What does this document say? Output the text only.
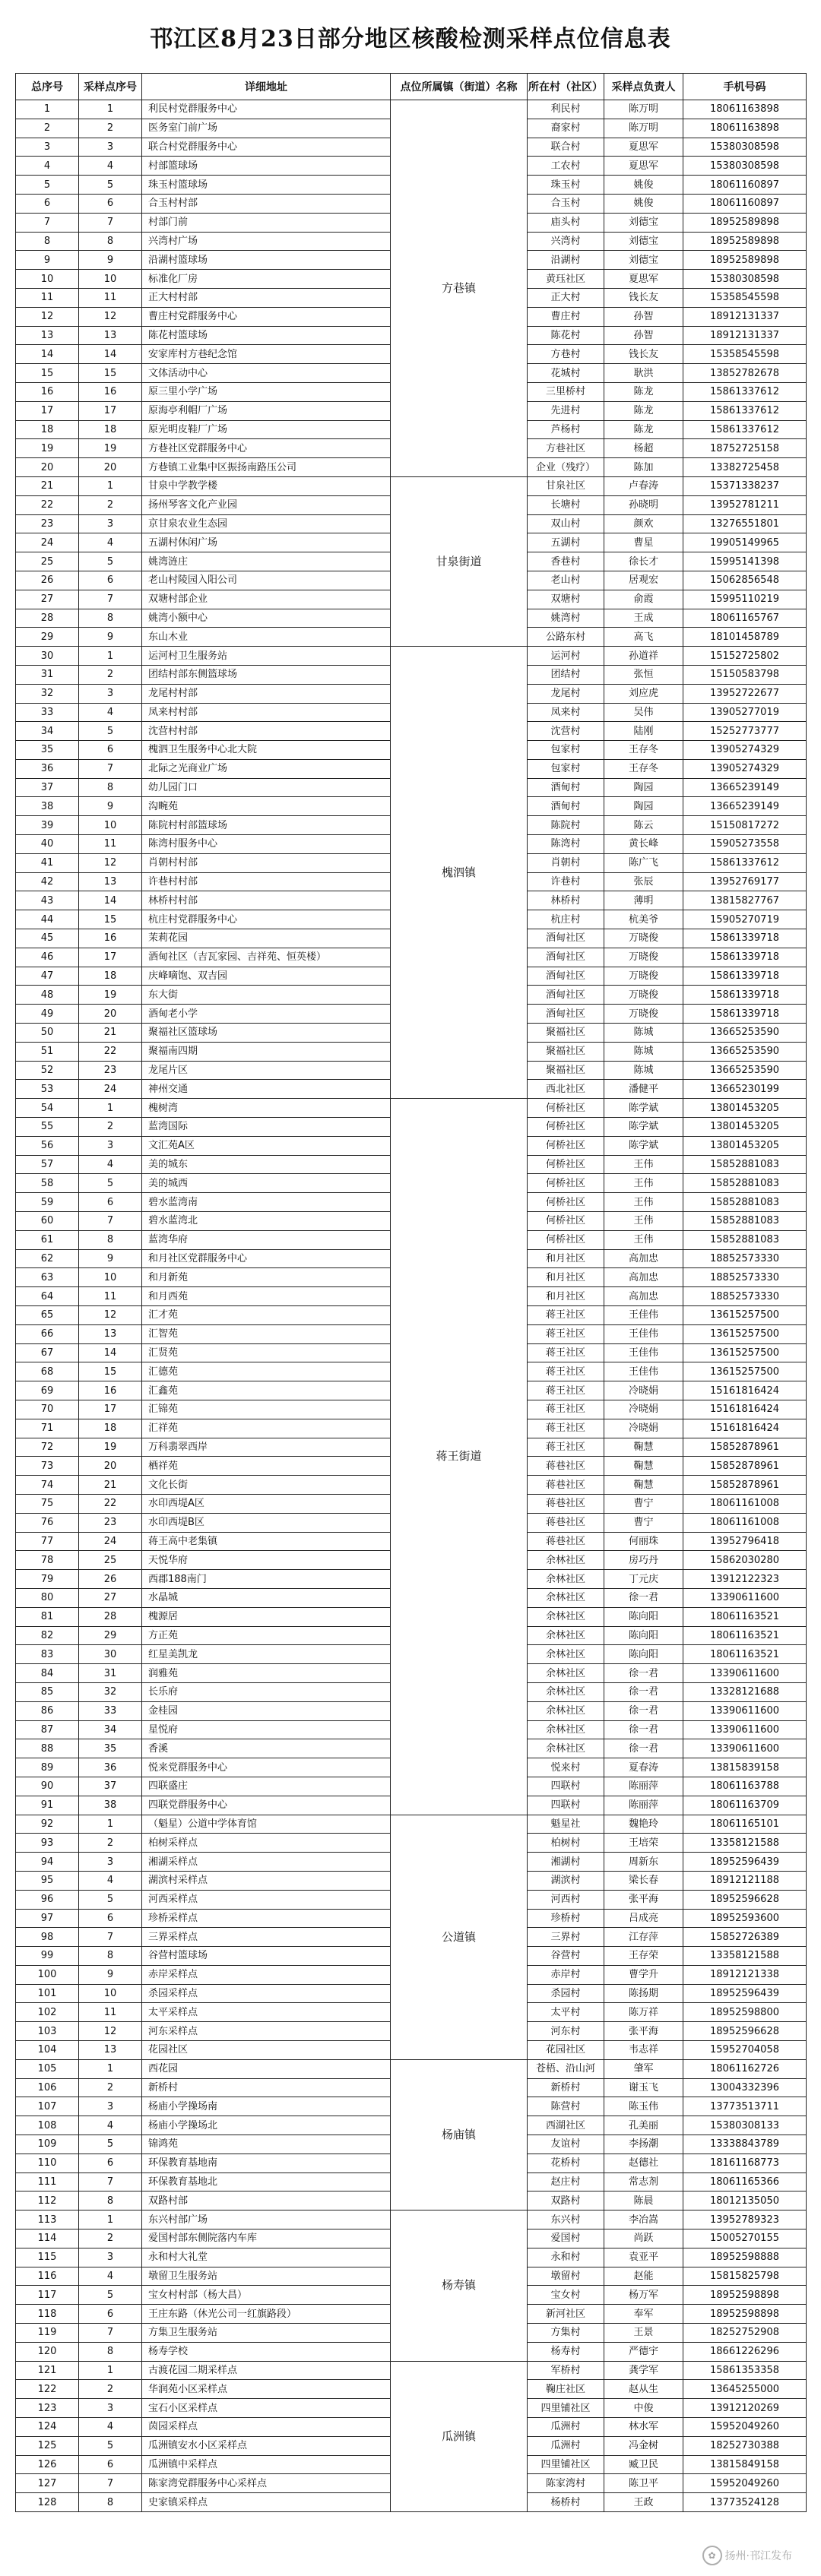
邗江区8月23日部分地区核酸检测采样点位信息表
总序号	采样点序号	详细地址	点位所属镇（街道）名称	所在村（社区）	采样点负责人	手机号码
1	1	利民村党群服务中心	方巷镇	利民村	陈万明	18061163898
2	2	医务室门前广场		裔家村	陈万明	18061163898
3	3	联合村党群服务中心		联合村	夏思军	15380308598
4	4	村部篮球场		工农村	夏思军	15380308598
5	5	珠玉村篮球场		珠玉村	姚俊	18061160897
6	6	合玉村村部		合玉村	姚俊	18061160897
7	7	村部门前		庙头村	刘德宝	18952589898
8	8	兴湾村广场		兴湾村	刘德宝	18952589898
9	9	沿湖村篮球场		沿湖村	刘德宝	18952589898
10	10	标准化厂房		黄珏社区	夏思军	15380308598
11	11	正大村村部		正大村	钱长友	15358545598
12	12	曹庄村党群服务中心		曹庄村	孙智	18912131337
13	13	陈花村篮球场		陈花村	孙智	18912131337
14	14	安家库村方巷纪念馆		方巷村	钱长友	15358545598
15	15	文体活动中心		花城村	耿洪	13852782678
16	16	原三里小学广场		三里桥村	陈龙	15861337612
17	17	原海亭利帽厂广场		先进村	陈龙	15861337612
18	18	原光明皮鞋厂广场		芦杨村	陈龙	15861337612
19	19	方巷社区党群服务中心		方巷社区	杨超	18752725158
20	20	方巷镇工业集中区振扬南路压公司		企业（残疗）	陈加	13382725458
21	1	甘泉中学教学楼	甘泉街道	甘泉社区	卢春涛	15371338237
22	2	扬州琴客文化产业园		长塘村	孙晓明	13952781211
23	3	京甘泉农业生态园		双山村	颜欢	13276551801
24	4	五湖村休闲广场		五湖村	曹星	19905149965
25	5	姚湾涟庄		香巷村	徐长才	15995141398
26	6	老山村陵园入阳公司		老山村	居观宏	15062856548
27	7	双塘村部企业		双塘村	俞霞	15995110219
28	8	姚湾小额中心		姚湾村	王成	18061165767
29	9	东山木业		公路东村	高飞	18101458789
30	1	运河村卫生服务站	槐泗镇	运河村	孙道祥	15152725802
31	2	团结村部东侧篮球场		团结村	张恒	15150583798
32	3	龙尾村村部		龙尾村	刘应虎	13952722677
33	4	凤来村村部		凤来村	吴伟	13905277019
34	5	沈营村村部		沈营村	陆刚	15252773777
35	6	槐泗卫生服务中心北大院		包家村	王存冬	13905274329
36	7	北际之光商业广场		包家村	王存冬	13905274329
37	8	幼儿园门口		酒甸村	陶园	13665239149
38	9	沟畹苑		酒甸村	陶园	13665239149
39	10	陈院村村部篮球场		陈院村	陈云	15150817272
40	11	陈湾村服务中心		陈湾村	黄长峰	15905273558
41	12	肖朝村村部		肖朝村	陈广飞	15861337612
42	13	许巷村村部		许巷村	张辰	13952769177
43	14	林桥村村部		林桥村	薄明	13815827767
44	15	杭庄村党群服务中心		杭庄村	杭美爷	15905270719
45	16	茉莉花园		酒甸社区	万晓俊	15861339718
46	17	酒甸社区（吉瓦家园、吉祥苑、恒英楼）		酒甸社区	万晓俊	15861339718
47	18	庆峰嘀饱、双吉园		酒甸社区	万晓俊	15861339718
48	19	东大街		酒甸社区	万晓俊	15861339718
49	20	酒甸老小学		酒甸社区	万晓俊	15861339718
50	21	聚福社区篮球场		聚福社区	陈城	13665253590
51	22	聚福南四期		聚福社区	陈城	13665253590
52	23	龙尾片区		聚福社区	陈城	13665253590
53	24	神州交通		西北社区	潘健平	13665230199
54	1	槐树湾	蒋王街道	何桥社区	陈学斌	13801453205
55	2	蓝湾国际		何桥社区	陈学斌	13801453205
56	3	文汇苑A区		何桥社区	陈学斌	13801453205
57	4	美的城东		何桥社区	王伟	15852881083
58	5	美的城西		何桥社区	王伟	15852881083
59	6	碧水蓝湾南		何桥社区	王伟	15852881083
60	7	碧水蓝湾北		何桥社区	王伟	15852881083
61	8	蓝湾华府		何桥社区	王伟	15852881083
62	9	和月社区党群服务中心		和月社区	高加忠	18852573330
63	10	和月新苑		和月社区	高加忠	18852573330
64	11	和月西苑		和月社区	高加忠	18852573330
65	12	汇才苑		蒋王社区	王佳伟	13615257500
66	13	汇智苑		蒋王社区	王佳伟	13615257500
67	14	汇贤苑		蒋王社区	王佳伟	13615257500
68	15	汇德苑		蒋王社区	王佳伟	13615257500
69	16	汇鑫苑		蒋王社区	冷晓娟	15161816424
70	17	汇锦苑		蒋王社区	冷晓娟	15161816424
71	18	汇祥苑		蒋王社区	冷晓娟	15161816424
72	19	万科翡翠西岸		蒋王社区	鞠慧	15852878961
73	20	栖祥苑		蒋巷社区	鞠慧	15852878961
74	21	文化长街		蒋巷社区	鞠慧	15852878961
75	22	水印西堤A区		蒋巷社区	曹宁	18061161008
76	23	水印西堤B区		蒋巷社区	曹宁	18061161008
77	24	蒋王高中老集镇		蒋巷社区	何丽珠	13952796418
78	25	天悦华府		余林社区	房巧丹	15862030280
79	26	西郡188南门		余林社区	丁元庆	13912122323
80	27	水晶城		余林社区	徐一君	13390611600
81	28	槐源居		余林社区	陈向阳	18061163521
82	29	方正苑		余林社区	陈向阳	18061163521
83	30	红星美凯龙		余林社区	陈向阳	18061163521
84	31	润雅苑		余林社区	徐一君	13390611600
85	32	长乐府		余林社区	徐一君	13328121688
86	33	金桂园		余林社区	徐一君	13390611600
87	34	星悦府		余林社区	徐一君	13390611600
88	35	香溪		余林社区	徐一君	13390611600
89	36	悦来党群服务中心		悦来村	夏春涛	13815839158
90	37	四联盛庄		四联村	陈丽萍	18061163788
91	38	四联党群服务中心		四联村	陈丽萍	18061163709
92	1	（魁星）公道中学体育馆	公道镇	魁星社	魏艳玲	18061165101
93	2	柏树采样点		柏树村	王培荣	13358121588
94	3	湘湖采样点		湘湖村	周新东	18952596439
95	4	湖滨村采样点		湖滨村	梁长春	18912121188
96	5	河西采样点		河西村	张平海	18952596628
97	6	珍桥采样点		珍桥村	吕成亮	18952593600
98	7	三界采样点		三界村	江存萍	15852726389
99	8	谷营村篮球场		谷营村	王存荣	13358121588
100	9	赤岸采样点		赤岸村	曹学升	18912121338
101	10	杀园采样点		杀园村	陈扬期	18952596439
102	11	太平采样点		太平村	陈万祥	18952598800
103	12	河东采样点		河东村	张平海	18952596628
104	13	花园社区		花园社区	韦志祥	15952704058
105	1	西花园	杨庙镇	苍梧、沿山河	肇军	18061162726
106	2	新桥村		新桥村	谢玉飞	13004332396
107	3	杨庙小学操场南		陈营村	陈玉伟	13773513711
108	4	杨庙小学操场北		西湖社区	孔美丽	15380308133
109	5	锦鸿苑		友谊村	李扬潮	13338843789
110	6	环保教育基地南		花桥村	赵德社	18161168773
111	7	环保教育基地北		赵庄村	常志剂	18061165366
112	8	双路村部		双路村	陈晨	18012135050
113	1	东兴村部广场	杨寿镇	东兴村	李冶嵩	13952789323
114	2	爱国村部东侧院落内车库		爱国村	尚跃	15005270155
115	3	永和村大礼堂		永和村	袁亚平	18952598888
116	4	墩留卫生服务站		墩留村	赵能	15815825798
117	5	宝女村村部（杨大昌）		宝女村	杨万军	18952598898
118	6	王庄东路（休光公司一红旗路段）		新河社区	奉军	18952598898
119	7	方集卫生服务站		方集村	王景	18252752908
120	8	杨寿学校		杨寿村	严德宇	18661226296
121	1	古渡花园二期采样点	瓜洲镇	军桥村	龚学军	15861353358
122	2	华润苑小区采样点		鞠庄社区	赵从生	13645255000
123	3	宝石小区采样点		四里铺社区	中俊	13912120269
124	4	茵园采样点		瓜洲村	林水军	15952049260
125	5	瓜洲镇安水小区采样点		瓜洲村	冯金树	18252730388
126	6	瓜洲镇中采样点		四里铺社区	臧卫民	13815849158
127	7	陈家湾党群服务中心采样点		陈家湾村	陈卫平	15952049260
128	8	史家镇采样点		杨桥村	王政	13773524128
✿ 扬州·邗江发布
